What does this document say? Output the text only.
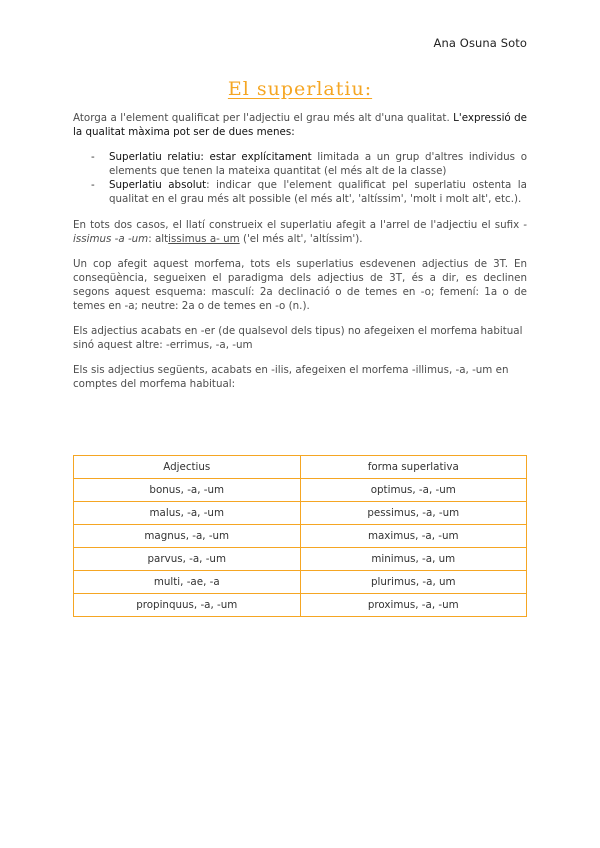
Ana Osuna Soto
El superlatiu:

Atorga a l'element qualificat per l'adjectiu el grau més alt d'una qualitat. L'expressió de la qualitat màxima pot ser de dues menes:

- Superlatiu relatiu: estar explícitament limitada a un grup d'altres individus o elements que tenen la mateixa quantitat (el més alt de la classe)
- Superlatiu absolut: indicar que l'element qualificat pel superlatiu ostenta la qualitat en el grau més alt possible (el més alt', 'altíssim', 'molt i molt alt', etc.).

En tots dos casos, el llatí construeix el superlatiu afegit a l'arrel de l'adjectiu el sufix -issimus -a -um: altissimus a- um ('el més alt', 'altíssim').

Un cop afegit aquest morfema, tots els superlatius esdevenen adjectius de 3T. En conseqüència, segueixen el paradigma dels adjectius de 3T, és a dir, es declinen segons aquest esquema: masculí: 2a declinació o de temes en -o; femení: 1a o de temes en -a; neutre: 2a o de temes en -o (n.).

Els adjectius acabats en -er (de qualsevol dels tipus) no afegeixen el morfema habitual sinó aquest altre: -errimus, -a, -um

Els sis adjectius següents, acabats en -ilis, afegeixen el morfema -illimus, -a, -um en comptes del morfema habitual:

Adjectius	forma superlativa
bonus, -a, -um	optimus, -a, -um
malus, -a, -um	pessimus, -a, -um
magnus, -a, -um	maximus, -a, -um
parvus, -a, -um	minimus, -a, um
multi, -ae, -a	plurimus, -a, um
propinquus, -a, -um	proximus, -a, -um
